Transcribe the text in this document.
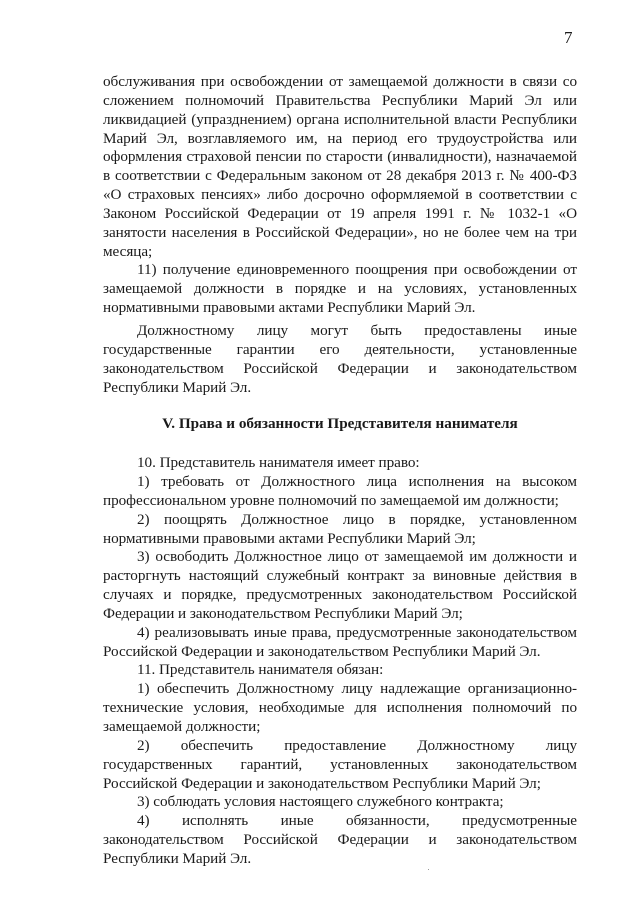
7

обслуживания при освобождении от замещаемой должности в связи со сложением полномочий Правительства Республики Марий Эл или ликвидацией (упразднением) органа исполнительной власти Республики Марий Эл, возглавляемого им, на период его трудоустройства или оформления страховой пенсии по старости (инвалидности), назначаемой в соответствии с Федеральным законом от 28 декабря 2013 г. № 400-ФЗ «О страховых пенсиях» либо досрочно оформляемой в соответствии с Законом Российской Федерации от 19 апреля 1991 г. № 1032-1 «О занятости населения в Российской Федерации», но не более чем на три месяца;

11) получение единовременного поощрения при освобождении от замещаемой должности в порядке и на условиях, установленных нормативными правовыми актами Республики Марий Эл.

Должностному лицу могут быть предоставлены иные государственные гарантии его деятельности, установленные законодательством Российской Федерации и законодательством Республики Марий Эл.

V. Права и обязанности Представителя нанимателя

10. Представитель нанимателя имеет право:

1) требовать от Должностного лица исполнения на высоком профессиональном уровне полномочий по замещаемой им должности;

2) поощрять Должностное лицо в порядке, установленном нормативными правовыми актами Республики Марий Эл;

3) освободить Должностное лицо от замещаемой им должности и расторгнуть настоящий служебный контракт за виновные действия в случаях и порядке, предусмотренных законодательством Российской Федерации и законодательством Республики Марий Эл;

4) реализовывать иные права, предусмотренные законодательством Российской Федерации и законодательством Республики Марий Эл.

11. Представитель нанимателя обязан:

1) обеспечить Должностному лицу надлежащие организационно-технические условия, необходимые для исполнения полномочий по замещаемой должности;

2) обеспечить предоставление Должностному лицу государственных гарантий, установленных законодательством Российской Федерации и законодательством Республики Марий Эл;

3) соблюдать условия настоящего служебного контракта;

4) исполнять иные обязанности, предусмотренные законодательством Российской Федерации и законодательством Республики Марий Эл.
